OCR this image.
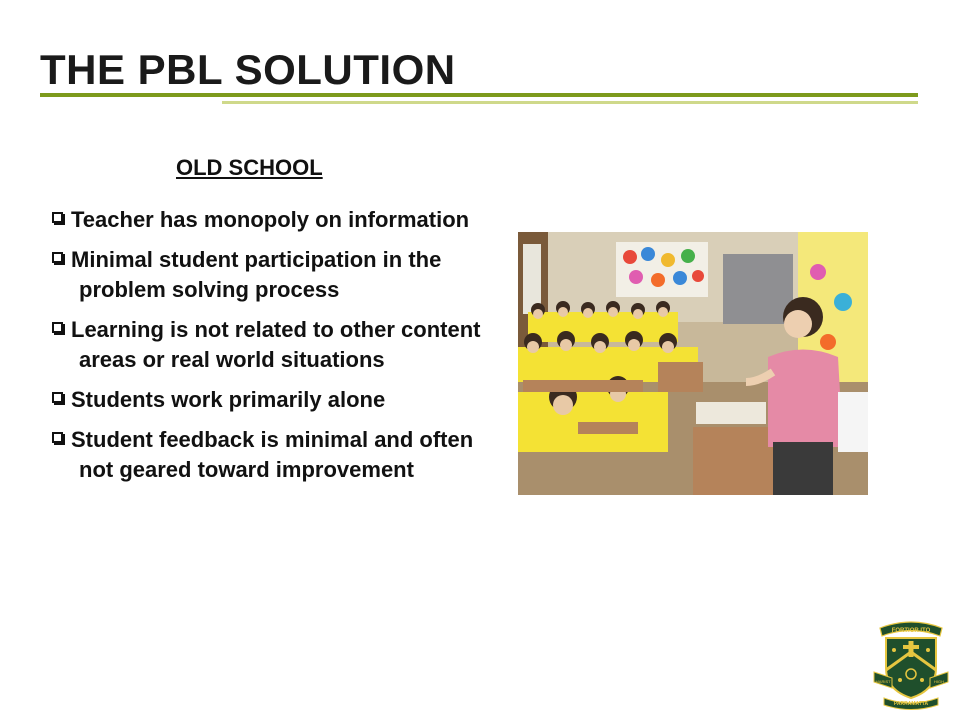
THE PBL SOLUTION
OLD SCHOOL
Teacher has monopoly on information
Minimal student participation in the problem solving process
Learning is not related to other content areas or real world situations
Students work primarily alone
Student feedback is minimal and often not geared toward improvement
FORTIOR ITO
MARIST	HIGH
PARRAMATTA
